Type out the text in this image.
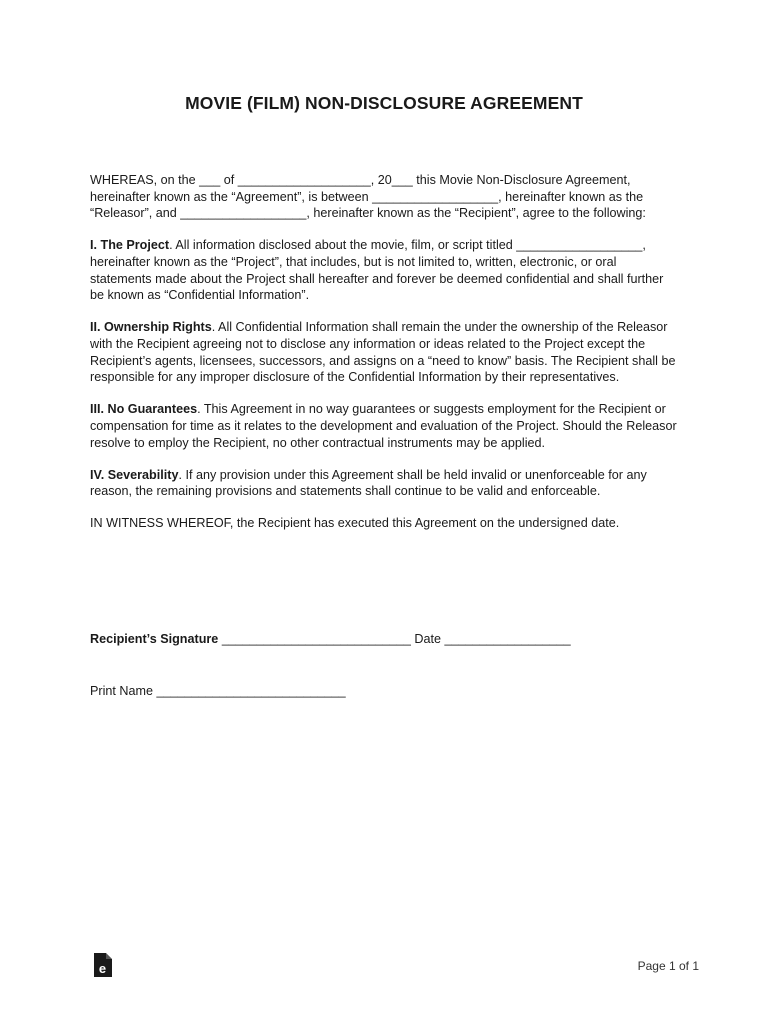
MOVIE (FILM) NON-DISCLOSURE AGREEMENT

WHEREAS, on the ___ of ___________________, 20___ this Movie Non-Disclosure Agreement, hereinafter known as the “Agreement”, is between __________________, hereinafter known as the “Releasor”, and __________________, hereinafter known as the “Recipient”, agree to the following:

I. The Project. All information disclosed about the movie, film, or script titled __________________, hereinafter known as the “Project”, that includes, but is not limited to, written, electronic, or oral statements made about the Project shall hereafter and forever be deemed confidential and shall further be known as “Confidential Information”.

II. Ownership Rights. All Confidential Information shall remain the under the ownership of the Releasor with the Recipient agreeing not to disclose any information or ideas related to the Project except the Recipient’s agents, licensees, successors, and assigns on a “need to know” basis. The Recipient shall be responsible for any improper disclosure of the Confidential Information by their representatives.

III. No Guarantees. This Agreement in no way guarantees or suggests employment for the Recipient or compensation for time as it relates to the development and evaluation of the Project. Should the Releasor resolve to employ the Recipient, no other contractual instruments may be applied.

IV. Severability. If any provision under this Agreement shall be held invalid or unenforceable for any reason, the remaining provisions and statements shall continue to be valid and enforceable.

IN WITNESS WHEREOF, the Recipient has executed this Agreement on the undersigned date.

Recipient’s Signature ___________________________ Date __________________
Print Name ___________________________
e	Page 1 of 1
